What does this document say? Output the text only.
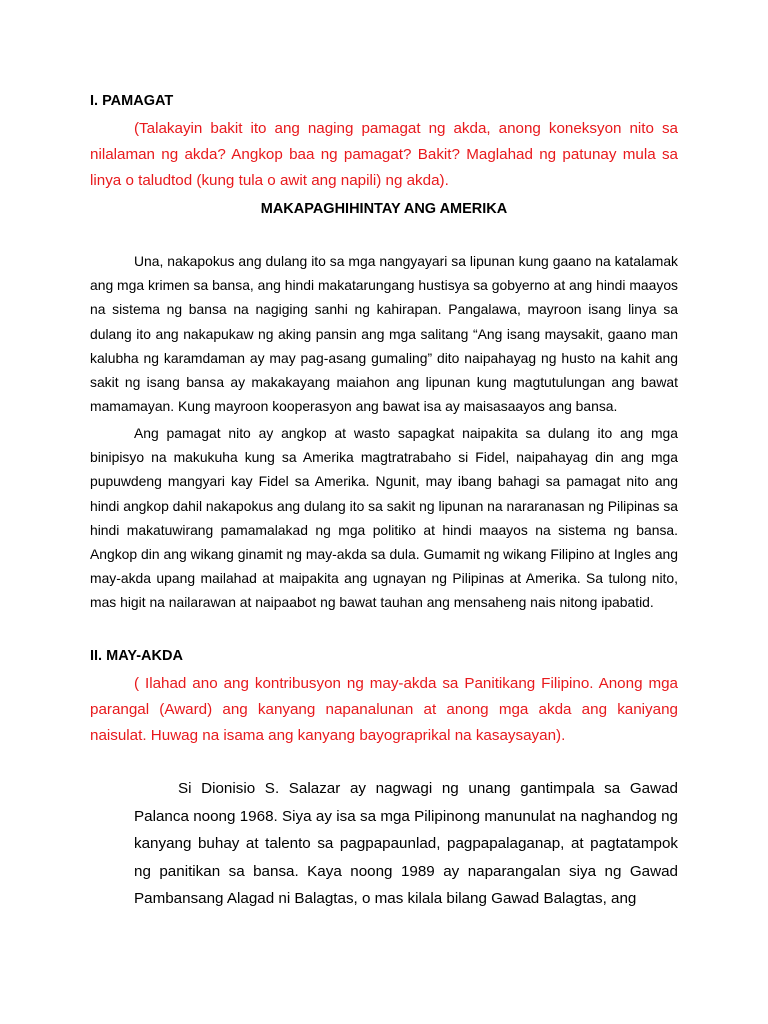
I. PAMAGAT

(Talakayin bakit ito ang naging pamagat ng akda, anong koneksyon nito sa nilalaman ng akda? Angkop baa ng pamagat? Bakit? Maglahad ng patunay mula sa linya o taludtod (kung tula o awit ang napili) ng akda).

MAKAPAGHIHINTAY ANG AMERIKA

Una, nakapokus ang dulang ito sa mga nangyayari sa lipunan kung gaano na katalamak ang mga krimen sa bansa, ang hindi makatarungang hustisya sa gobyerno at ang hindi maayos na sistema ng bansa na nagiging sanhi ng kahirapan. Pangalawa, mayroon isang linya sa dulang ito ang nakapukaw ng aking pansin ang mga salitang “Ang isang maysakit, gaano man kalubha ng karamdaman ay may pag-asang gumaling” dito naipahayag ng husto na kahit ang sakit ng isang bansa ay makakayang maiahon ang lipunan kung magtutulungan ang bawat mamamayan. Kung mayroon kooperasyon ang bawat isa ay maisasaayos ang bansa.

Ang pamagat nito ay angkop at wasto sapagkat naipakita sa dulang ito ang mga binipisyo na makukuha kung sa Amerika magtratrabaho si Fidel, naipahayag din ang mga pupuwdeng mangyari kay Fidel sa Amerika. Ngunit, may ibang bahagi sa pamagat nito ang hindi angkop dahil nakapokus ang dulang ito sa sakit ng lipunan na nararanasan ng Pilipinas sa hindi makatuwirang pamamalakad ng mga politiko at hindi maayos na sistema ng bansa. Angkop din ang wikang ginamit ng may-akda sa dula. Gumamit ng wikang Filipino at Ingles ang may-akda upang mailahad at maipakita ang ugnayan ng Pilipinas at Amerika. Sa tulong nito, mas higit na nailarawan at naipaabot ng bawat tauhan ang mensaheng nais nitong ipabatid.

II. MAY-AKDA

( Ilahad ano ang kontribusyon ng may-akda sa Panitikang Filipino. Anong mga parangal (Award) ang kanyang napanalunan at anong mga akda ang kaniyang naisulat. Huwag na isama ang kanyang bayograprikal na kasaysayan).

Si Dionisio S. Salazar ay nagwagi ng unang gantimpala sa Gawad Palanca noong 1968. Siya ay isa sa mga Pilipinong manunulat na naghandog ng kanyang buhay at talento sa pagpapaunlad, pagpapalaganap, at pagtatampok ng panitikan sa bansa. Kaya noong 1989 ay naparangalan siya ng Gawad Pambansang Alagad ni Balagtas, o mas kilala bilang Gawad Balagtas, ang
